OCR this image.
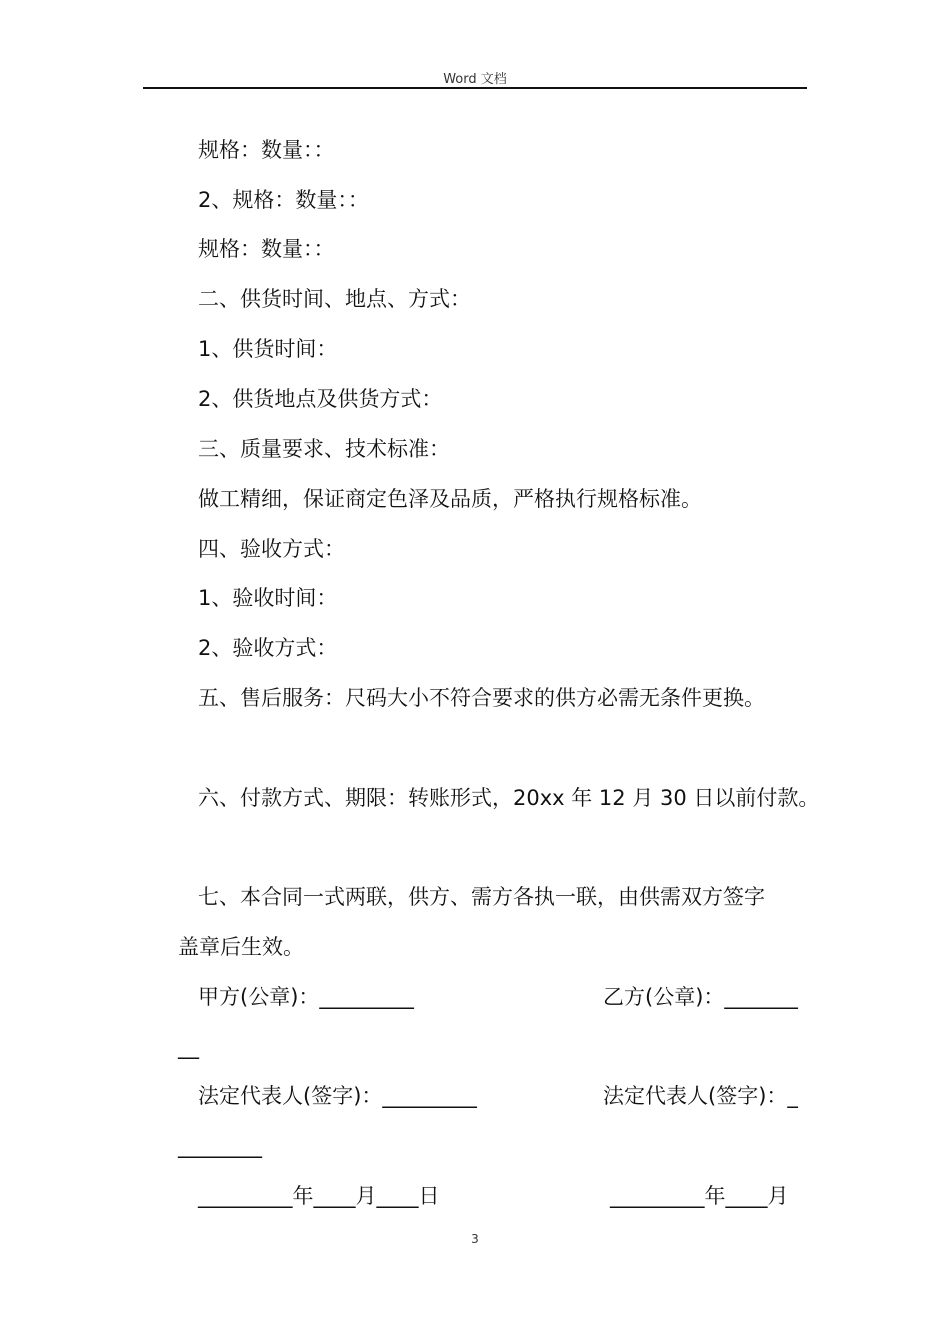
Word 文档
规格：数量：：
2、规格：数量：：
规格：数量：：
二、供货时间、地点、方式：
1、供货时间：
2、供货地点及供货方式：
三、质量要求、技术标准：
做工精细，保证商定色泽及品质，严格执行规格标准。
四、验收方式：
1、验收时间：
2、验收方式：
五、售后服务：尺码大小不符合要求的供方必需无条件更换。
六、付款方式、期限：转账形式，20xx 年 12 月 30 日以前付款。
七、本合同一式两联，供方、需方各执一联，由供需双方签字
盖章后生效。
甲方(公章)：_________	乙方(公章)：_______
__
法定代表人(签字)：_________	法定代表人(签字)：_
________
_________年____月____日	_________年____月
3
